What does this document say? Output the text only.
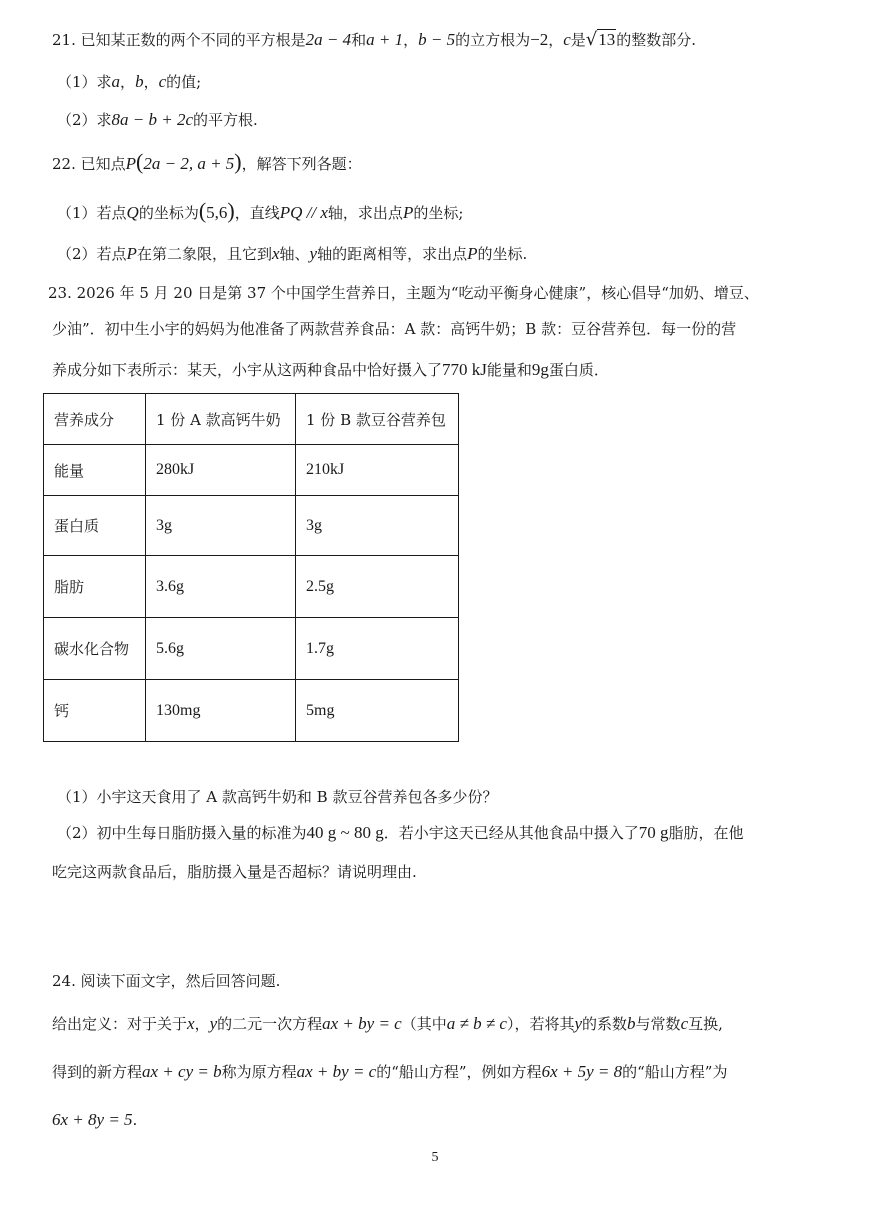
21. 已知某正数的两个不同的平方根是2a − 4和a + 1，b − 5的立方根为−2，c是√13的整数部分.
（1）求a，b，c的值;
（2）求8a − b + 2c的平方根.
22. 已知点P(2a − 2, a + 5)，解答下列各题：
（1）若点Q的坐标为(5,6)，直线PQ // x轴，求出点P的坐标;
（2）若点P在第二象限，且它到x轴、y轴的距离相等，求出点P的坐标.
23. 2026 年 5 月 20 日是第 37 个中国学生营养日，主题为“吃动平衡身心健康”，核心倡导“加奶、增豆、
少油”．初中生小宇的妈妈为他准备了两款营养食品：A 款：高钙牛奶；B 款：豆谷营养包．每一份的营
养成分如下表所示：某天，小宇从这两种食品中恰好摄入了770 kJ能量和9g蛋白质．
营养成分	1 份 A 款高钙牛奶	1 份 B 款豆谷营养包
能量	280kJ	210kJ
蛋白质	3g	3g
脂肪	3.6g	2.5g
碳水化合物	5.6g	1.7g
钙	130mg	5mg
（1）小宇这天食用了 A 款高钙牛奶和 B 款豆谷营养包各多少份？
（2）初中生每日脂肪摄入量的标准为40 g ~ 80 g．若小宇这天已经从其他食品中摄入了70 g脂肪，在他
吃完这两款食品后，脂肪摄入量是否超标？请说明理由.
24. 阅读下面文字，然后回答问题.
给出定义：对于关于x，y的二元一次方程ax + by = c（其中a ≠ b ≠ c），若将其y的系数b与常数c互换,
得到的新方程ax + cy = b称为原方程ax + by = c的“船山方程”，例如方程6x + 5y = 8的“船山方程”为
6x + 8y = 5.
5
